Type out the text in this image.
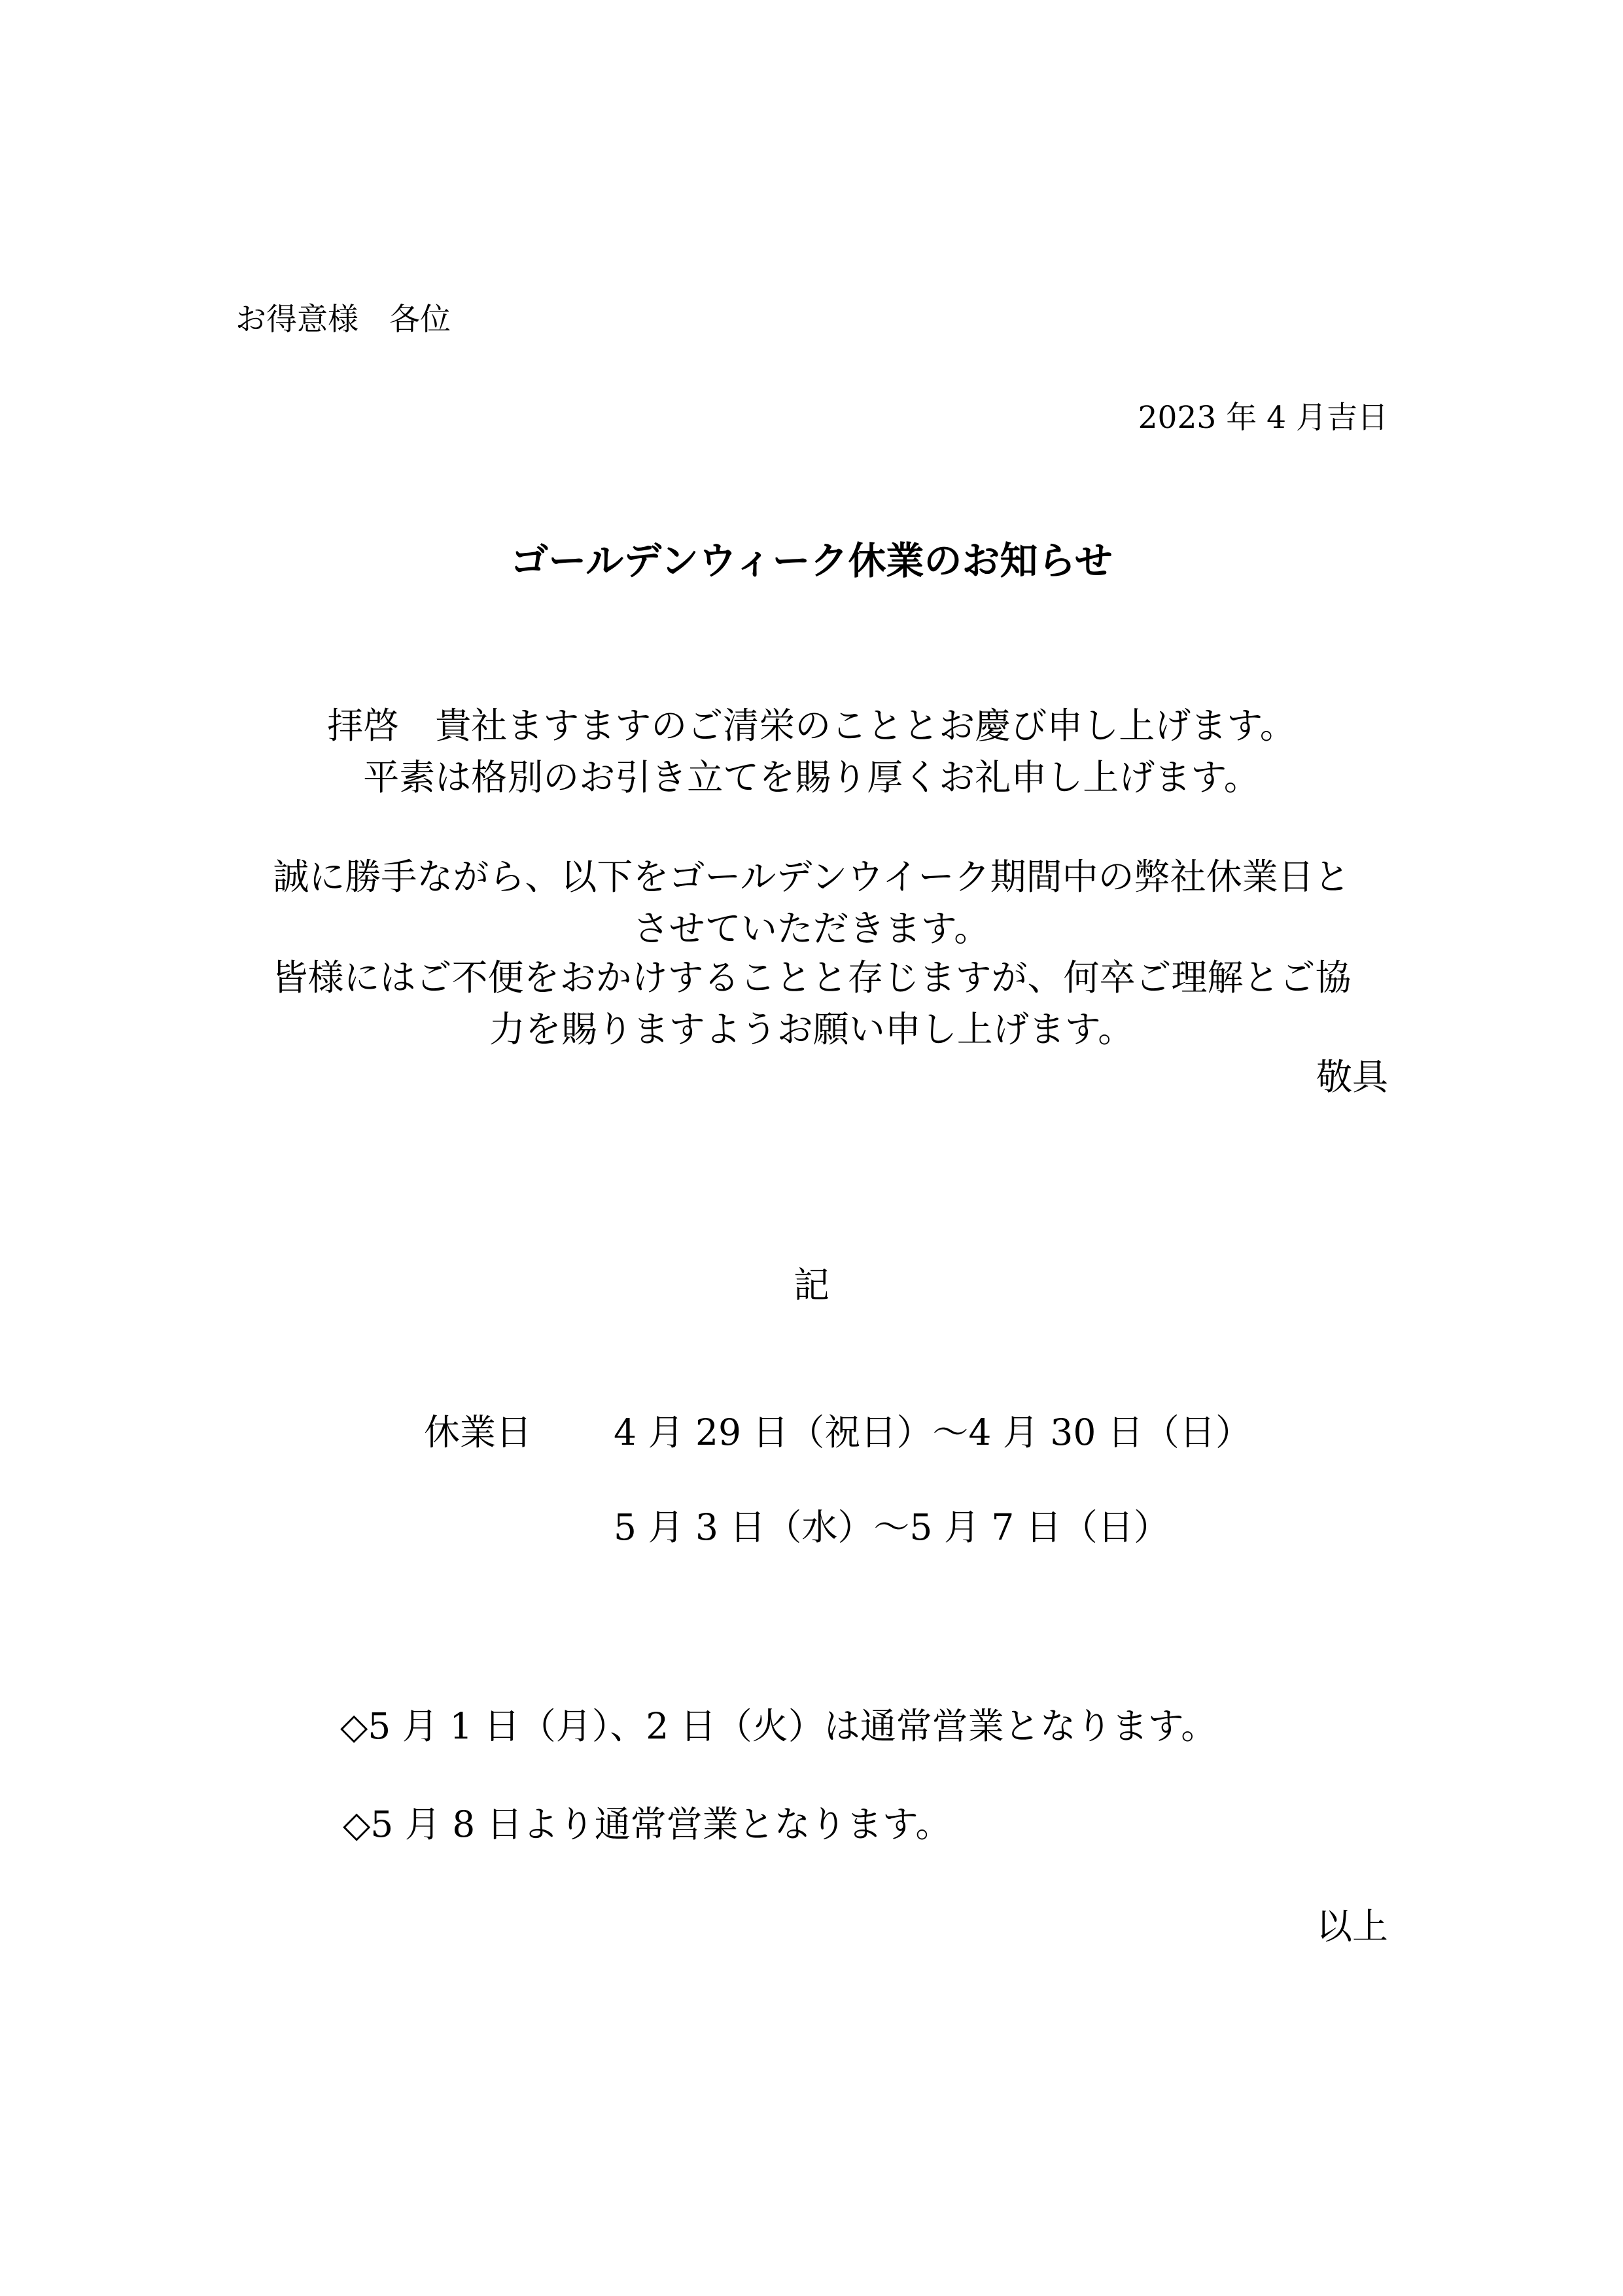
お得意様　各位
2023 年 4 月吉日
ゴールデンウィーク休業のお知らせ
拝啓　貴社ますますのご清栄のこととお慶び申し上げます。
平素は格別のお引き立てを賜り厚くお礼申し上げます。
誠に勝手ながら、以下をゴールデンウイーク期間中の弊社休業日と
させていただきます。
皆様にはご不便をおかけすることと存じますが、何卒ご理解とご協
力を賜りますようお願い申し上げます。
敬具
記
休業日 4 月 29 日（祝日）～4 月 30 日（日）
5 月 3 日（水）～5 月 7 日（日）
◇5 月 1 日（月）、2 日（火）は通常営業となります。
◇5 月 8 日より通常営業となります。
以上
